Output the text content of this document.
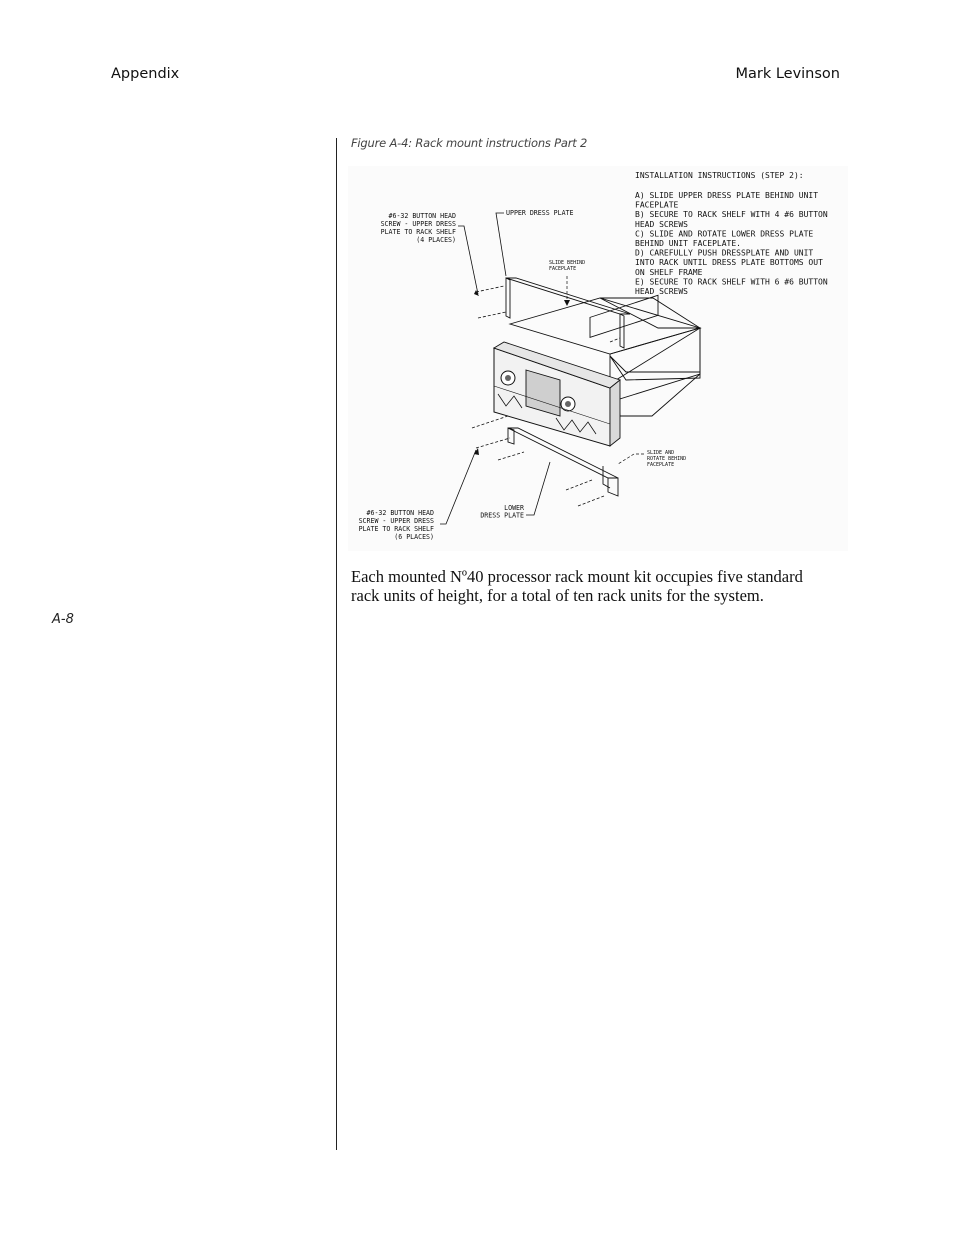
Appendix	Mark Levinson
Figure A-4: Rack mount instructions Part 2
INSTALLATION INSTRUCTIONS (STEP 2):
A) SLIDE UPPER DRESS PLATE BEHIND UNIT
FACEPLATE
B) SECURE TO RACK SHELF WITH 4 #6 BUTTON
HEAD SCREWS
C) SLIDE AND ROTATE LOWER DRESS PLATE
BEHIND UNIT FACEPLATE.
D) CAREFULLY PUSH DRESSPLATE AND UNIT
INTO RACK UNTIL DRESS PLATE BOTTOMS OUT
ON SHELF FRAME
E) SECURE TO RACK SHELF WITH 6 #6 BUTTON
HEAD SCREWS
#6-32 BUTTON HEAD
SCREW - UPPER DRESS
PLATE TO RACK SHELF
(4 PLACES)
UPPER DRESS PLATE
SLIDE BEHIND
FACEPLATE
SLIDE AND
ROTATE BEHIND
FACEPLATE
LOWER
DRESS PLATE
#6-32 BUTTON HEAD
SCREW - UPPER DRESS
PLATE TO RACK SHELF
(6 PLACES)
Each mounted Nº40 processor rack mount kit occupies five standard rack units of height, for a total of ten rack units for the system.
A-8
